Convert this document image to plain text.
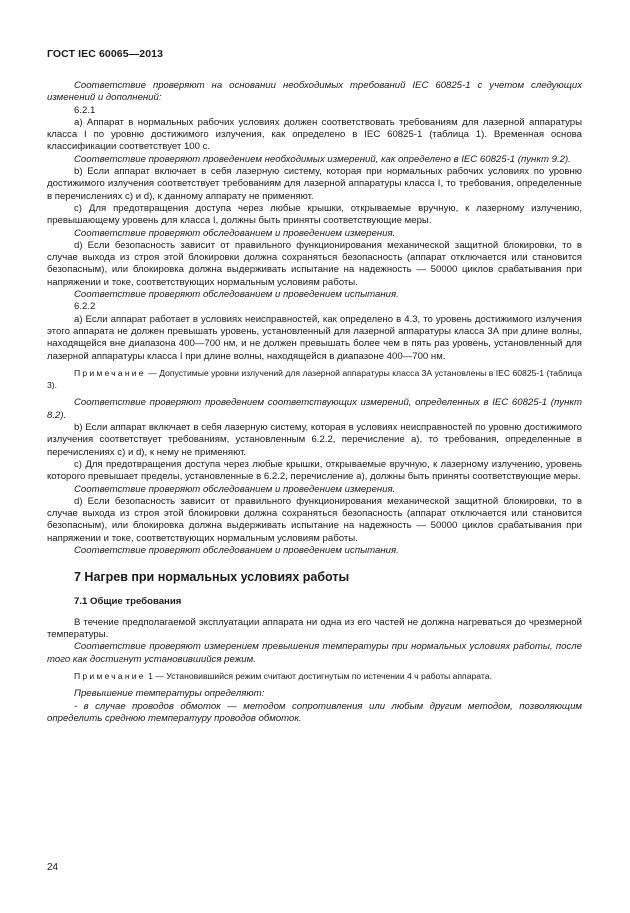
ГОСТ IEC 60065—2013

Соответствие проверяют на основании необходимых требований IEC 60825-1 с учетом следующих изменений и дополнений:

6.2.1

a) Аппарат в нормальных рабочих условиях должен соответствовать требованиям для лазерной аппаратуры класса I по уровню достижимого излучения, как определено в IEC 60825-1 (таблица 1). Временная основа классификации соответствует 100 с.

Соответствие проверяют проведением необходимых измерений, как определено в IEC 60825-1 (пункт 9.2).

b) Если аппарат включает в себя лазерную систему, которая при нормальных рабочих условиях по уровню достижимого излучения соответствует требованиям для лазерной аппаратуры класса I, то требования, определенные в перечислениях c) и d), к данному аппарату не применяют.

c) Для предотвращения доступа через любые крышки, открываемые вручную, к лазерному излучению, превышающему уровень для класса I, должны быть приняты соответствующие меры.

Соответствие проверяют обследованием и проведением измерения.

d) Если безопасность зависит от правильного функционирования механической защитной блокировки, то в случае выхода из строя этой блокировки должна сохраняться безопасность (аппарат отключается или становится безопасным), или блокировка должна выдерживать испытание на надежность — 50000 циклов срабатывания при напряжении и токе, соответствующих нормальным условиям работы.

Соответствие проверяют обследованием и проведением испытания.

6.2.2

a) Если аппарат работает в условиях неисправностей, как определено в 4.3, то уровень достижимого излучения этого аппарата не должен превышать уровень, установленный для лазерной аппаратуры класса 3А при длине волны, находящейся вне диапазона 400—700 нм, и не должен превышать более чем в пять раз уровень, установленный для лазерной аппаратуры класса I при длине волны, находящейся в диапазоне 400—700 нм.

Примечание — Допустимые уровни излучений для лазерной аппаратуры класса 3А установлены в IEC 60825-1 (таблица 3).

Соответствие проверяют проведением соответствующих измерений, определенных в IEC 60825-1 (пункт 8.2).

b) Если аппарат включает в себя лазерную систему, которая в условиях неисправностей по уровню достижимого излучения соответствует требованиям, установленным 6.2.2, перечисление a), то требования, определенные в перечислениях c) и d), к нему не применяют.

c) Для предотвращения доступа через любые крышки, открываемые вручную, к лазерному излучению, уровень которого превышает пределы, установленные в 6.2.2, перечисление a), должны быть приняты соответствующие меры.

Соответствие проверяют обследованием и проведением измерения.

d) Если безопасность зависит от правильного функционирования механической защитной блокировки, то в случае выхода из строя этой блокировки должна сохраняться безопасность (аппарат отключается или становится безопасным), или блокировка должна выдерживать испытание на надежность — 50000 циклов срабатывания при напряжении и токе, соответствующих нормальным условиям работы.

Соответствие проверяют обследованием и проведением испытания.

7 Нагрев при нормальных условиях работы

7.1 Общие требования

В течение предполагаемой эксплуатации аппарата ни одна из его частей не должна нагреваться до чрезмерной температуры.

Соответствие проверяют измерением превышения температуры при нормальных условиях работы, после того как достигнут установившийся режим.

Примечание 1 — Установившийся режим считают достигнутым по истечении 4 ч работы аппарата.

Превышение температуры определяют:

- в случае проводов обмоток — методом сопротивления или любым другим методом, позволяющим определить среднюю температуру проводов обмоток.

24
